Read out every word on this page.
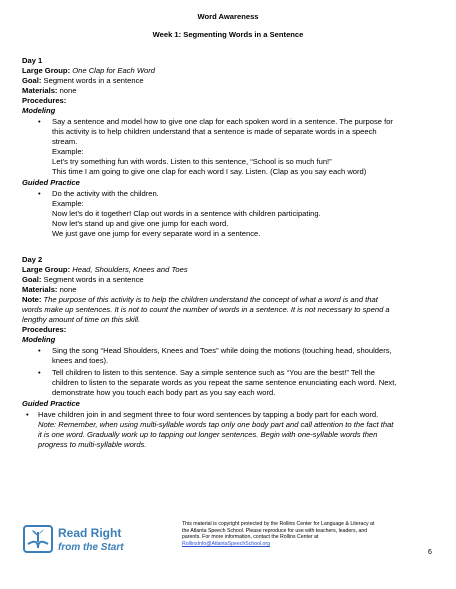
Word Awareness
Week 1: Segmenting Words in a Sentence
Day 1
Large Group: One Clap for Each Word
Goal: Segment words in a sentence
Materials: none
Procedures:
Modeling
• Say a sentence and model how to give one clap for each spoken word in a sentence. The purpose for
this activity is to help children understand that a sentence is made of separate words in a speech
stream.
Example:
Let’s try something fun with words. Listen to this sentence, “School is so much fun!”
This time I am going to give one clap for each word I say. Listen. (Clap as you say each word)
Guided Practice
• Do the activity with the children.
Example:
Now let’s do it together! Clap out words in a sentence with children participating.
Now let’s stand up and give one jump for each word.
We just gave one jump for every separate word in a sentence.
Day 2
Large Group: Head, Shoulders, Knees and Toes
Goal: Segment words in a sentence
Materials: none
Note: The purpose of this activity is to help the children understand the concept of what a word is and that
words make up sentences. It is not to count the number of words in a sentence. It is not necessary to spend a
lengthy amount of time on this skill.
Procedures:
Modeling
• Sing the song “Head Shoulders, Knees and Toes” while doing the motions (touching head, shoulders,
knees and toes).
• Tell children to listen to this sentence. Say a simple sentence such as “You are the best!” Tell the
children to listen to the separate words as you repeat the same sentence enunciating each word. Next,
demonstrate how you touch each body part as you say each word.
Guided Practice
• Have children join in and segment three to four word sentences by tapping a body part for each word.
Note: Remember, when using multi-syllable words tap only one body part and call attention to the fact that
it is one word. Gradually work up to tapping out longer sentences. Begin with one-syllable words then
progress to multi-syllable words.
Read Right
from the Start
This material is copyright protected by the Rollins Center for Language & Literacy at
the Atlanta Speech School. Please reproduce for use with teachers, leaders, and
parents. For more information, contact the Rollins Center at
RollinsInfo@AtlantaSpeechSchool.org
6
